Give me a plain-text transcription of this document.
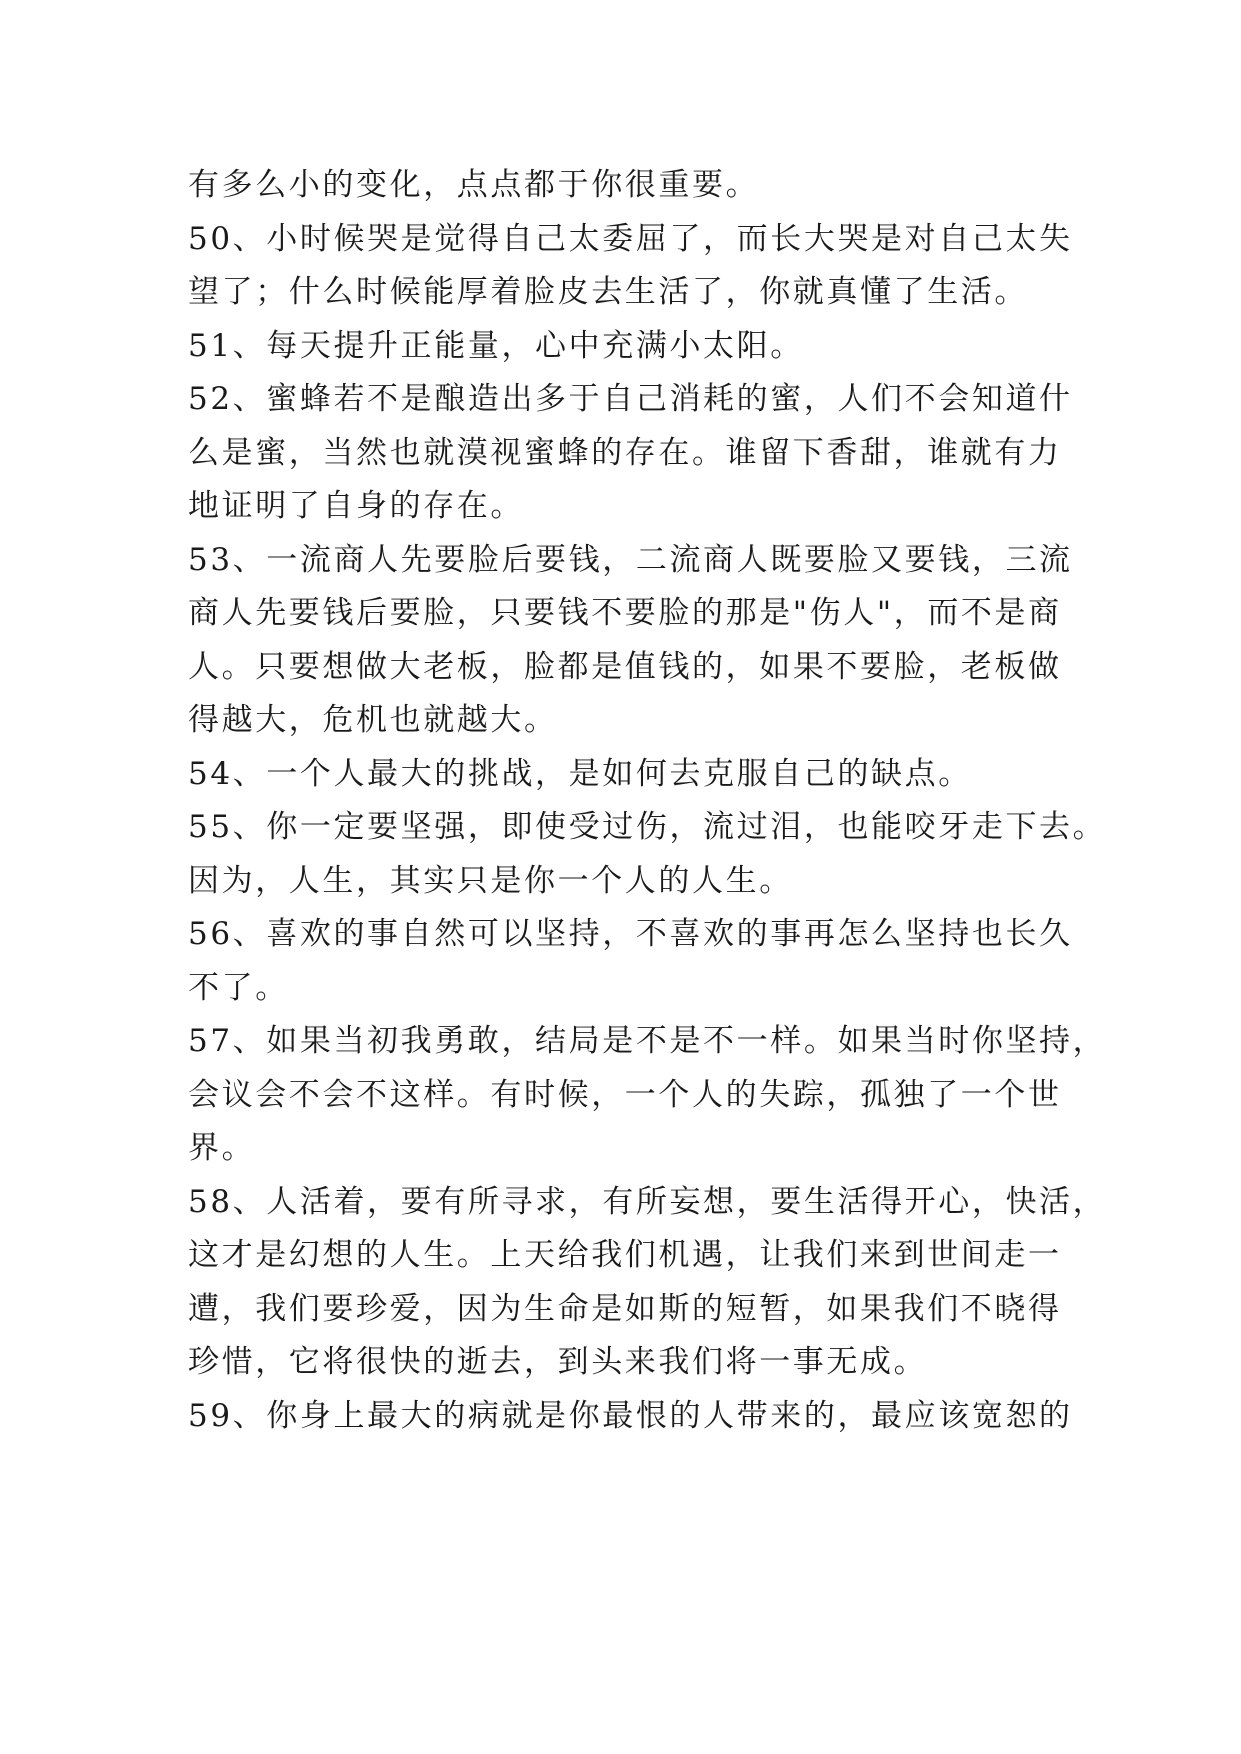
有多么小的变化，点点都于你很重要。
50、小时候哭是觉得自己太委屈了，而长大哭是对自己太失
望了；什么时候能厚着脸皮去生活了，你就真懂了生活。
51、每天提升正能量，心中充满小太阳。
52、蜜蜂若不是酿造出多于自己消耗的蜜，人们不会知道什
么是蜜，当然也就漠视蜜蜂的存在。谁留下香甜，谁就有力
地证明了自身的存在。
53、一流商人先要脸后要钱，二流商人既要脸又要钱，三流
商人先要钱后要脸，只要钱不要脸的那是"伤人"，而不是商
人。只要想做大老板，脸都是值钱的，如果不要脸，老板做
得越大，危机也就越大。
54、一个人最大的挑战，是如何去克服自己的缺点。
55、你一定要坚强，即使受过伤，流过泪，也能咬牙走下去。
因为，人生，其实只是你一个人的人生。
56、喜欢的事自然可以坚持，不喜欢的事再怎么坚持也长久
不了。
57、如果当初我勇敢，结局是不是不一样。如果当时你坚持，
会议会不会不这样。有时候，一个人的失踪，孤独了一个世
界。
58、人活着，要有所寻求，有所妄想，要生活得开心，快活，
这才是幻想的人生。上天给我们机遇，让我们来到世间走一
遭，我们要珍爱，因为生命是如斯的短暂，如果我们不晓得
珍惜，它将很快的逝去，到头来我们将一事无成。
59、你身上最大的病就是你最恨的人带来的，最应该宽恕的
